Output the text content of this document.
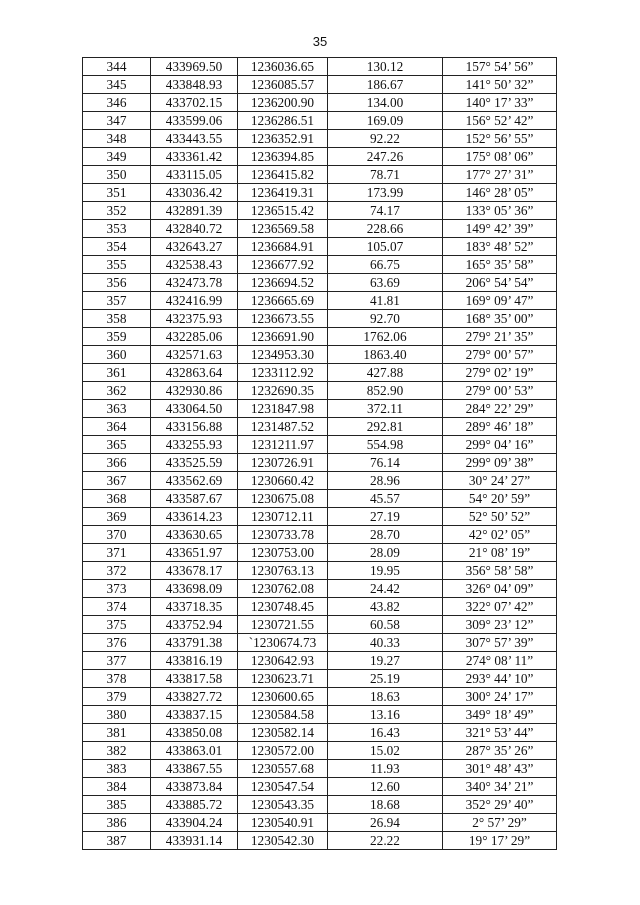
35
344	433969.50	1236036.65	130.12	157° 54’ 56”
345	433848.93	1236085.57	186.67	141° 50’ 32”
346	433702.15	1236200.90	134.00	140° 17’ 33”
347	433599.06	1236286.51	169.09	156° 52’ 42”
348	433443.55	1236352.91	92.22	152° 56’ 55”
349	433361.42	1236394.85	247.26	175° 08’ 06”
350	433115.05	1236415.82	78.71	177° 27’ 31”
351	433036.42	1236419.31	173.99	146° 28’ 05”
352	432891.39	1236515.42	74.17	133° 05’ 36”
353	432840.72	1236569.58	228.66	149° 42’ 39”
354	432643.27	1236684.91	105.07	183° 48’ 52”
355	432538.43	1236677.92	66.75	165° 35’ 58”
356	432473.78	1236694.52	63.69	206° 54’ 54”
357	432416.99	1236665.69	41.81	169° 09’ 47”
358	432375.93	1236673.55	92.70	168° 35’ 00”
359	432285.06	1236691.90	1762.06	279° 21’ 35”
360	432571.63	1234953.30	1863.40	279° 00’ 57”
361	432863.64	1233112.92	427.88	279° 02’ 19”
362	432930.86	1232690.35	852.90	279° 00’ 53”
363	433064.50	1231847.98	372.11	284° 22’ 29”
364	433156.88	1231487.52	292.81	289° 46’ 18”
365	433255.93	1231211.97	554.98	299° 04’ 16”
366	433525.59	1230726.91	76.14	299° 09’ 38”
367	433562.69	1230660.42	28.96	30° 24’ 27”
368	433587.67	1230675.08	45.57	54° 20’ 59”
369	433614.23	1230712.11	27.19	52° 50’ 52”
370	433630.65	1230733.78	28.70	42° 02’ 05”
371	433651.97	1230753.00	28.09	21° 08’ 19”
372	433678.17	1230763.13	19.95	356° 58’ 58”
373	433698.09	1230762.08	24.42	326° 04’ 09”
374	433718.35	1230748.45	43.82	322° 07’ 42”
375	433752.94	1230721.55	60.58	309° 23’ 12”
376	433791.38	`1230674.73	40.33	307° 57’ 39”
377	433816.19	1230642.93	19.27	274° 08’ 11”
378	433817.58	1230623.71	25.19	293° 44’ 10”
379	433827.72	1230600.65	18.63	300° 24’ 17”
380	433837.15	1230584.58	13.16	349° 18’ 49”
381	433850.08	1230582.14	16.43	321° 53’ 44”
382	433863.01	1230572.00	15.02	287° 35’ 26”
383	433867.55	1230557.68	11.93	301° 48’ 43”
384	433873.84	1230547.54	12.60	340° 34’ 21”
385	433885.72	1230543.35	18.68	352° 29’ 40”
386	433904.24	1230540.91	26.94	2° 57’ 29”
387	433931.14	1230542.30	22.22	19° 17’ 29”
